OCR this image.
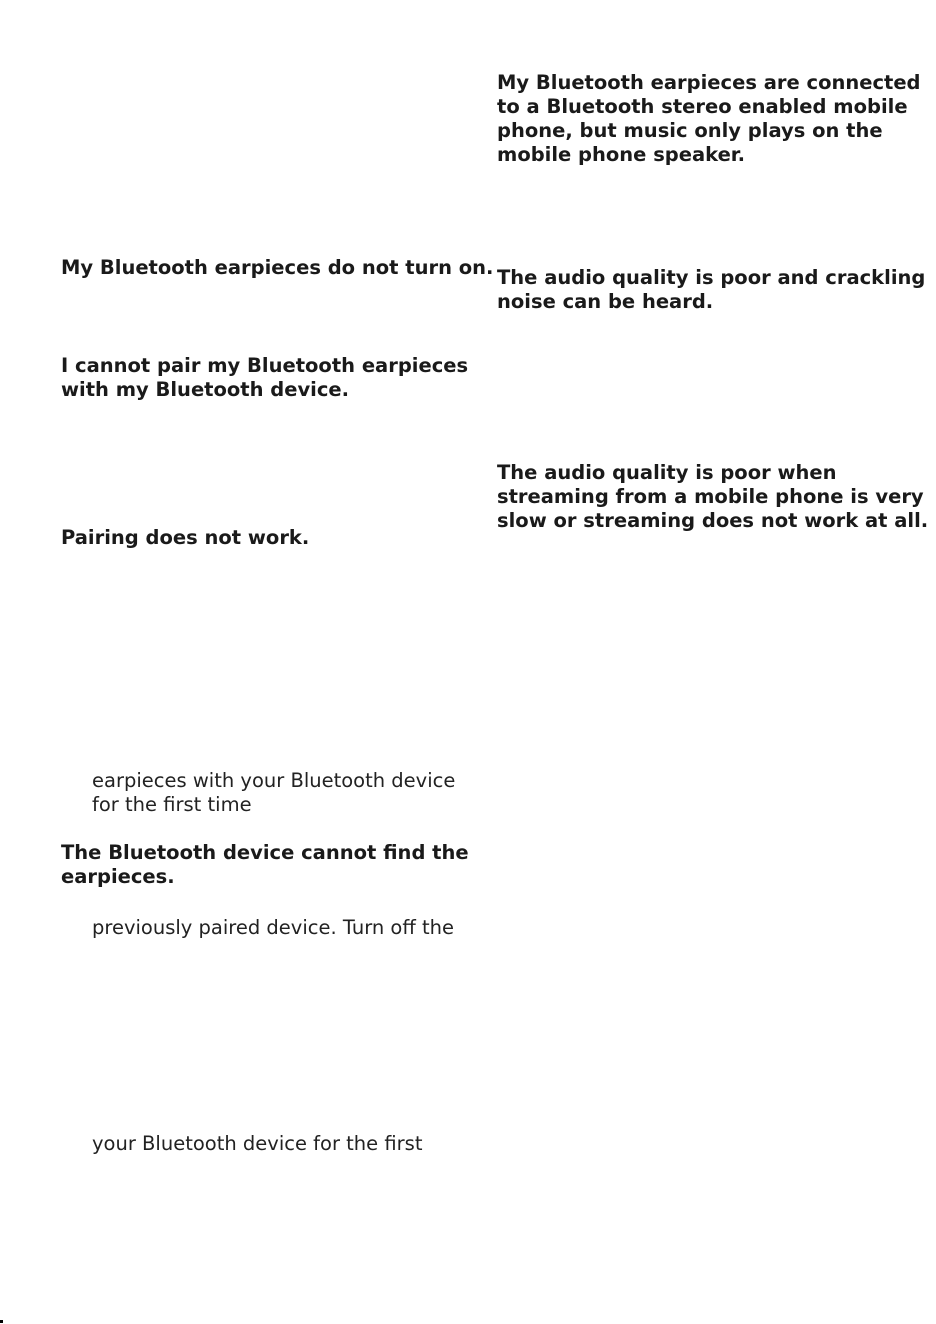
My Bluetooth earpieces are connected
to a Bluetooth stereo enabled mobile
phone, but music only plays on the
mobile phone speaker.
The audio quality is poor and crackling
noise can be heard.
The audio quality is poor when
streaming from a mobile phone is very
slow or streaming does not work at all.
My Bluetooth earpieces do not turn on.
I cannot pair my Bluetooth earpieces
with my Bluetooth device.
Pairing does not work.
earpieces with your Bluetooth device
for the first time
The Bluetooth device cannot find the
earpieces.
previously paired device. Turn off the
your Bluetooth device for the first
